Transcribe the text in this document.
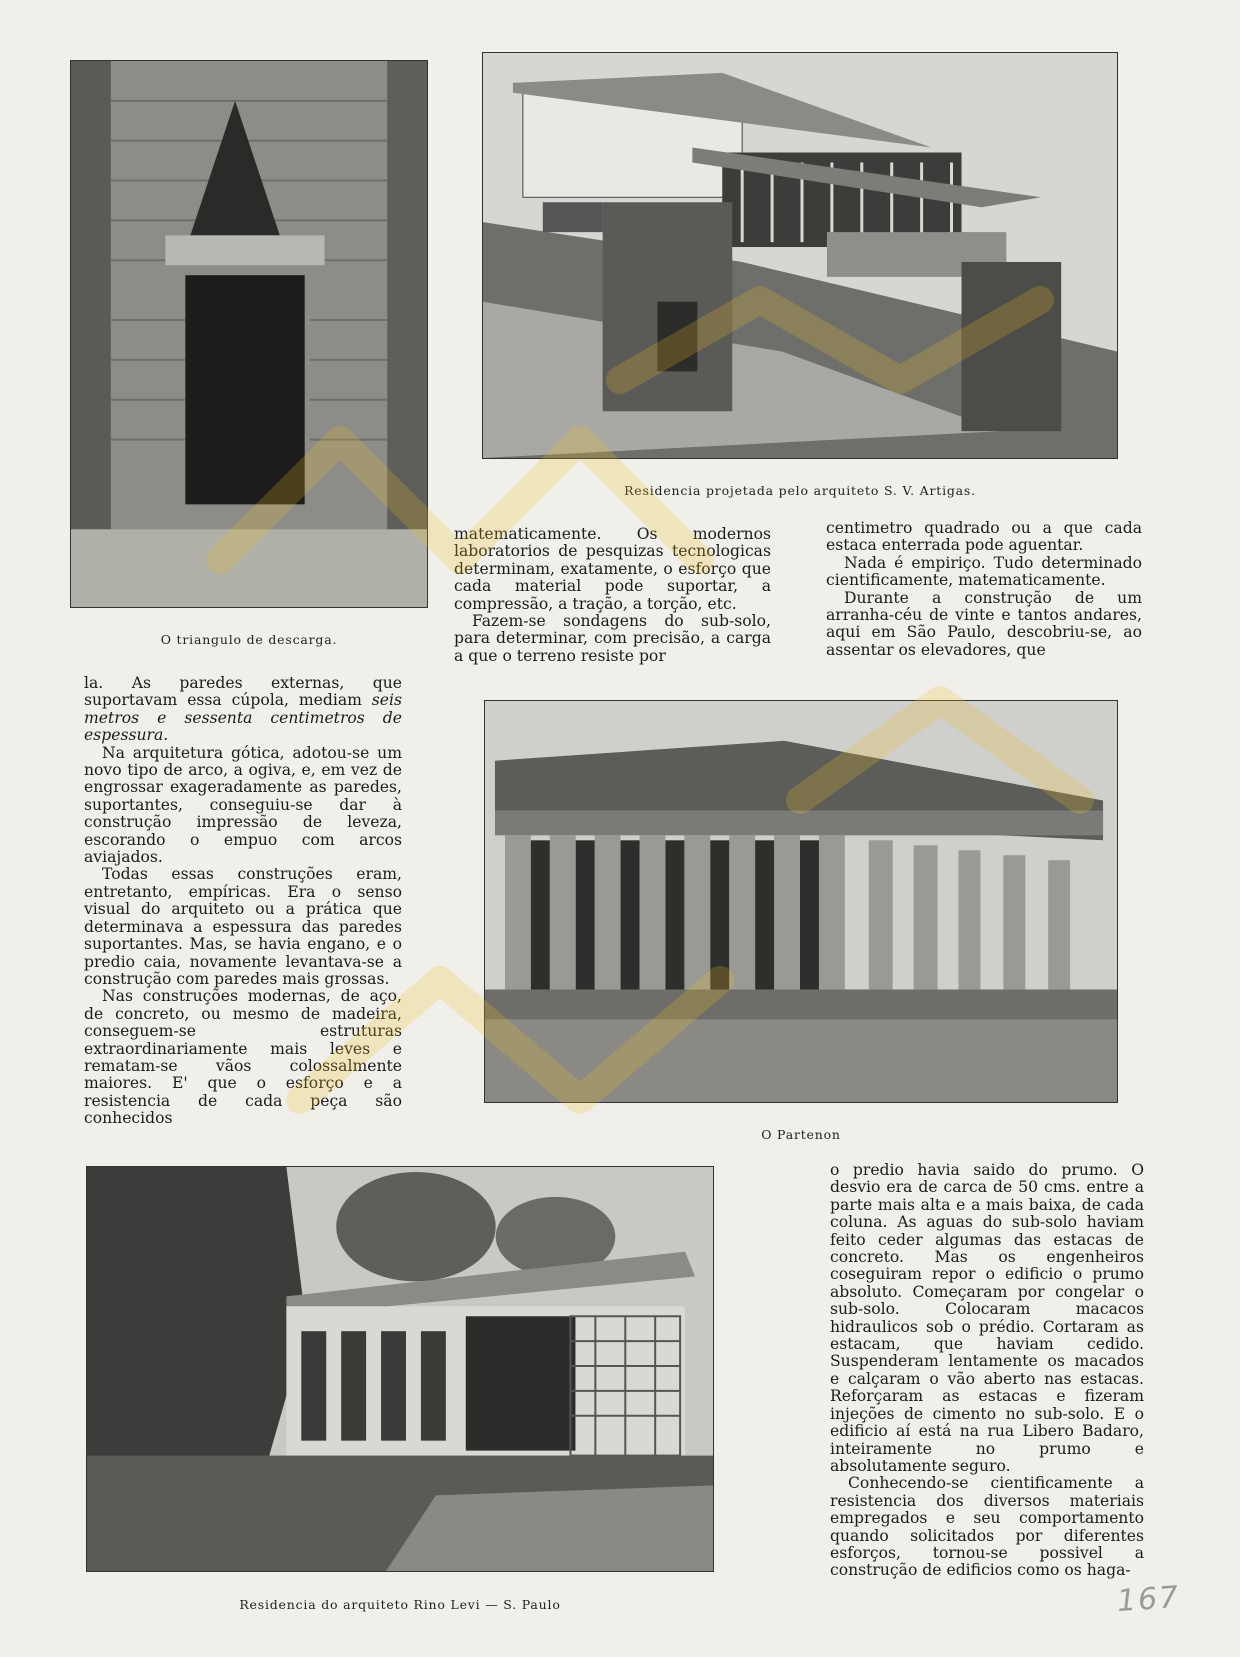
O triangulo de descarga.
Residencia projetada pelo arquiteto S. V. Artigas.

matematicamente. Os modernos laboratorios de pesquizas tecnologicas determinam, exatamente, o esforço que cada material pode suportar, a compressão, a tração, a torção, etc.

Fazem-se sondagens do sub-solo, para determinar, com precisão, a carga a que o terreno resiste por

centimetro quadrado ou a que cada estaca enterrada pode aguentar.

Nada é empiriço. Tudo determinado cientificamente, matematicamente.

Durante a construção de um arranha-céu de vinte e tantos andares, aqui em São Paulo, descobriu-se, ao assentar os elevadores, que

la. As paredes externas, que suportavam essa cúpola, mediam seis metros e sessenta centimetros de espessura.

Na arquitetura gótica, adotou-se um novo tipo de arco, a ogiva, e, em vez de engrossar exageradamente as paredes, suportantes, conseguiu-se dar à construção impressão de leveza, escorando o empuo com arcos aviajados.

Todas essas construções eram, entretanto, empíricas. Era o senso visual do arquiteto ou a prática que determinava a espessura das paredes suportantes. Mas, se havia engano, e o predio caia, novamente levantava-se a construção com paredes mais grossas.

Nas construções modernas, de aço, de concreto, ou mesmo de madeira, conseguem-se estruturas extraordinariamente mais leves e rematam-se vãos colossalmente maiores. E' que o esforço e a resistencia de cada peça são conhecidos

O Partenon
Residencia do arquiteto Rino Levi — S. Paulo

o predio havia saido do prumo. O desvio era de carca de 50 cms. entre a parte mais alta e a mais baixa, de cada coluna. As aguas do sub-solo haviam feito ceder algumas das estacas de concreto. Mas os engenheiros coseguiram repor o edificio o prumo absoluto. Começaram por congelar o sub-solo. Colocaram macacos hidraulicos sob o prédio. Cortaram as estacam, que haviam cedido. Suspenderam lentamente os macados e calçaram o vão aberto nas estacas. Reforçaram as estacas e fizeram injeções de cimento no sub-solo. E o edificio aí está na rua Libero Badaro, inteiramente no prumo e absolutamente seguro.

Conhecendo-se cientificamente a resistencia dos diversos materiais empregados e seu comportamento quando solicitados por diferentes esforços, tornou-se possivel a construção de edificios como os haga-

167
